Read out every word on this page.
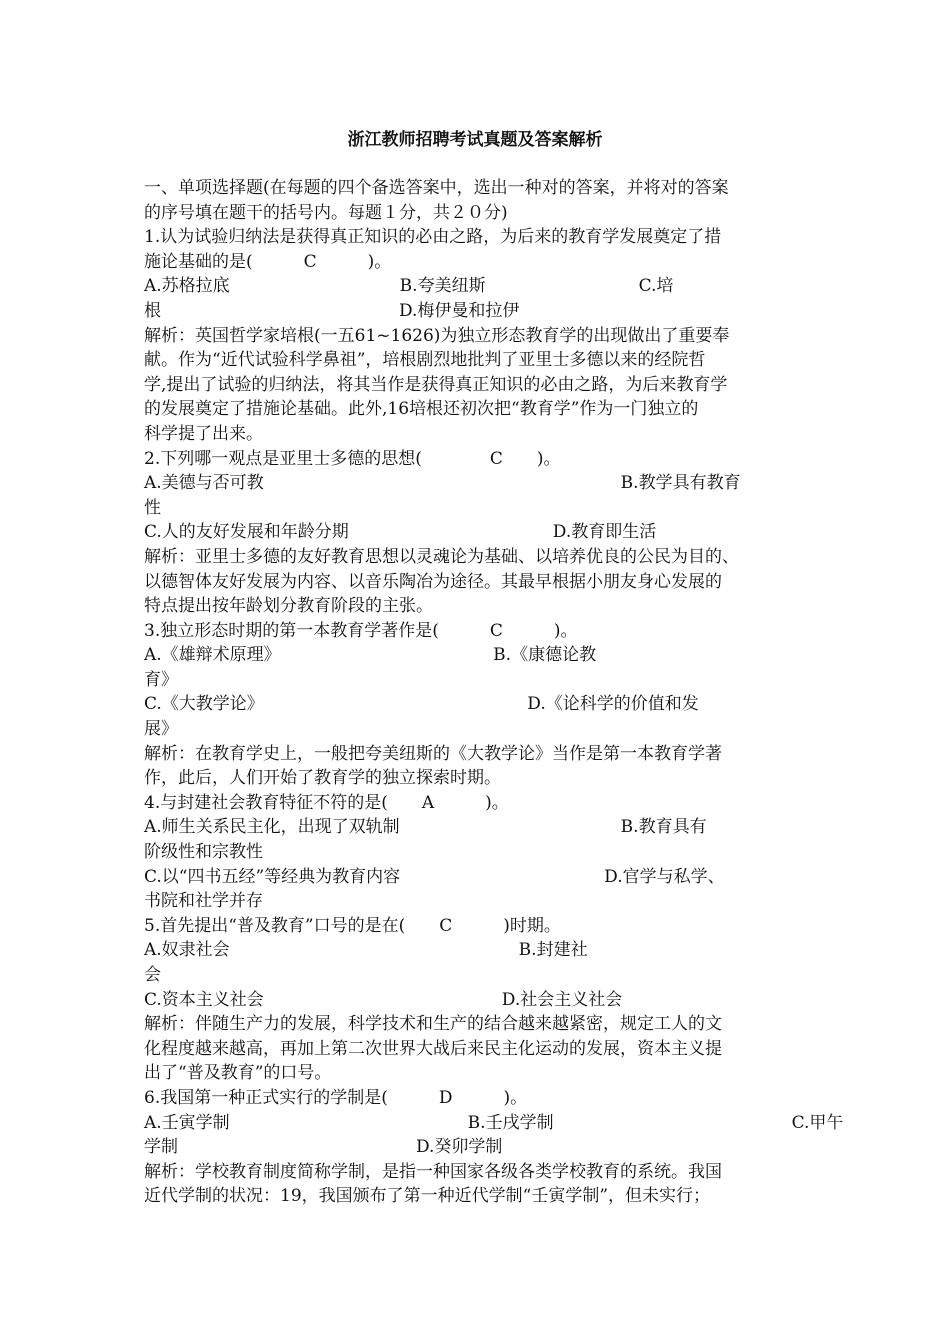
浙江教师招聘考试真题及答案解析
一、单项选择题(在每题的四个备选答案中，选出一种对的答案，并将对的答案
的序号填在题干的括号内。每题１分，共２０分)
1.认为试验归纳法是获得真正知识的必由之路，为后来的教育学发展奠定了措
施论基础的是(　　　C　　　)。
A.苏格拉底　　　　　　　　　　B.夸美纽斯　　　　　　　　　C.培
根　　　　　　　　　　　　　　D.梅伊曼和拉伊
解析：英国哲学家培根(一五61~1626)为独立形态教育学的出现做出了重要奉
献。作为“近代试验科学鼻祖”，培根剧烈地批判了亚里士多德以来的经院哲
学,提出了试验的归纳法，将其当作是获得真正知识的必由之路，为后来教育学
的发展奠定了措施论基础。此外,16培根还初次把“教育学”作为一门独立的
科学提了出来。
2.下列哪一观点是亚里士多德的思想(　　　　C　　)。
A.美德与否可教　　　　　　　　　　　　　　　　　　　　　B.教学具有教育
性
C.人的友好发展和年龄分期　　　　　　　　　　　　D.教育即生活
解析：亚里士多德的友好教育思想以灵魂论为基础、以培养优良的公民为目的、
以德智体友好发展为内容、以音乐陶冶为途径。其最早根据小朋友身心发展的
特点提出按年龄划分教育阶段的主张。
3.独立形态时期的第一本教育学著作是(　　　C　　　)。
A.《雄辩术原理》　　　　　　　　　　　　　B.《康德论教
育》
C.《大教学论》　　　　　　　　　　　　　　　　D.《论科学的价值和发
展》
解析：在教育学史上，一般把夸美纽斯的《大教学论》当作是第一本教育学著
作，此后，人们开始了教育学的独立探索时期。
4.与封建社会教育特征不符的是(　　A　　　)。
A.师生关系民主化，出现了双轨制　　　　　　　　　　　　　B.教育具有
阶级性和宗教性
C.以“四书五经”等经典为教育内容　　　　　　　　　　　　D.官学与私学、
书院和社学并存
5.首先提出“普及教育”口号的是在(　　C　　　)时期。
A.奴隶社会　　　　　　　　　　　　　　　　　B.封建社
会
C.资本主义社会　　　　　　　　　　　　　　D.社会主义社会
解析：伴随生产力的发展，科学技术和生产的结合越来越紧密，规定工人的文
化程度越来越高，再加上第二次世界大战后来民主化运动的发展，资本主义提
出了“普及教育”的口号。
6.我国第一种正式实行的学制是(　　　D　　　)。
A.壬寅学制　　　　　　　　　　　　　　B.壬戌学制　　　　　　　　　　　　　　C.甲午
学制　　　　　　　　　　　　　　D.癸卯学制
解析：学校教育制度简称学制，是指一种国家各级各类学校教育的系统。我国
近代学制的状况：19，我国颁布了第一种近代学制“壬寅学制”，但未实行；
